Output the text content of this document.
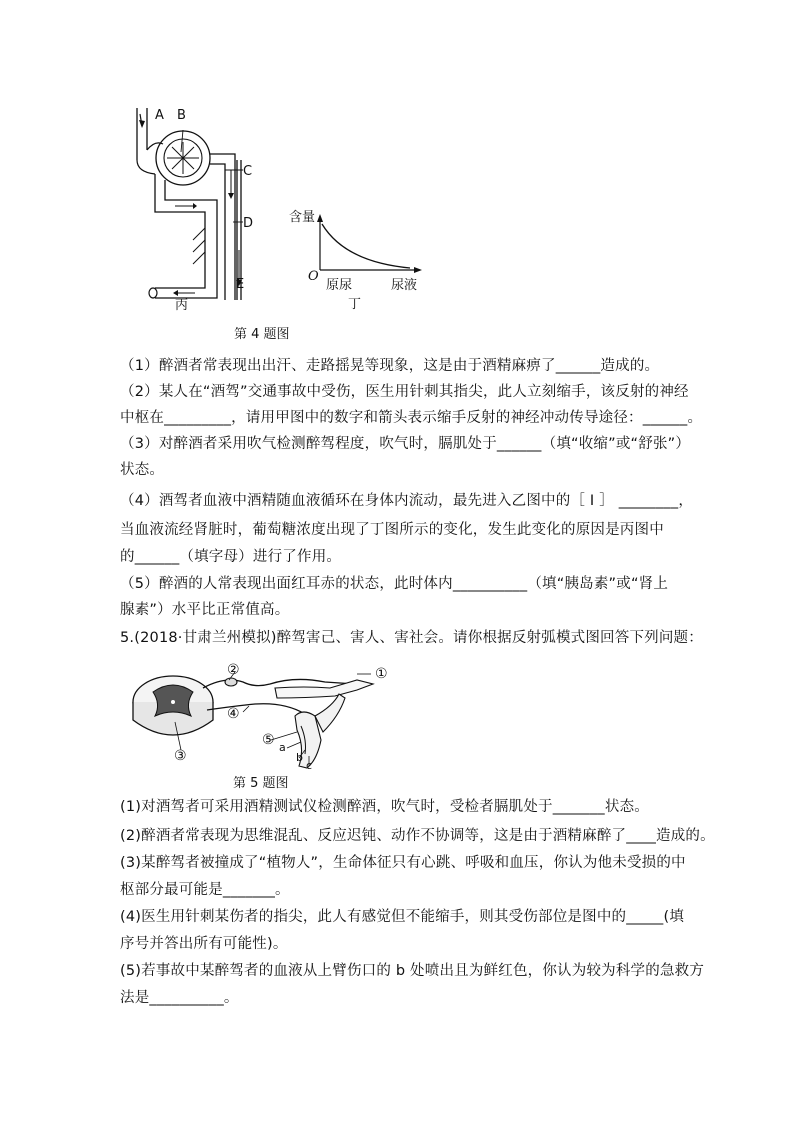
A B
C
D
E
丙
含量
O
原尿	尿液
丁
第 4 题图
（1）醉酒者常表现出出汗、走路摇晃等现象，这是由于酒精麻痹了______造成的。
（2）某人在“酒驾”交通事故中受伤，医生用针刺其指尖，此人立刻缩手，该反射的神经
中枢在_________，请用甲图中的数字和箭头表示缩手反射的神经冲动传导途径：______。
（3）对醉酒者采用吹气检测醉驾程度，吹气时，膈肌处于______（填“收缩”或“舒张”）
状态。
（4）酒驾者血液中酒精随血液循环在身体内流动，最先进入乙图中的［ Ⅰ ］ ________，
当血液流经肾脏时，葡萄糖浓度出现了丁图所示的变化，发生此变化的原因是丙图中
的______（填字母）进行了作用。
（5）醉酒的人常表现出面红耳赤的状态，此时体内__________（填“胰岛素”或“肾上
腺素”）水平比正常值高。
5.(2018·甘肃兰州模拟)醉驾害己、害人、害社会。请你根据反射弧模式图回答下列问题：
②	①
④
⑤
③
a
b
c
第 5 题图
(1)对酒驾者可采用酒精测试仪检测醉酒，吹气时，受检者膈肌处于_______状态。
(2)醉酒者常表现为思维混乱、反应迟钝、动作不协调等，这是由于酒精麻醉了____造成的。
(3)某醉驾者被撞成了“植物人”，生命体征只有心跳、呼吸和血压，你认为他未受损的中
枢部分最可能是_______。
(4)医生用针刺某伤者的指尖，此人有感觉但不能缩手，则其受伤部位是图中的_____(填
序号并答出所有可能性)。
(5)若事故中某醉驾者的血液从上臂伤口的 b 处喷出且为鲜红色，你认为较为科学的急救方
法是__________。
